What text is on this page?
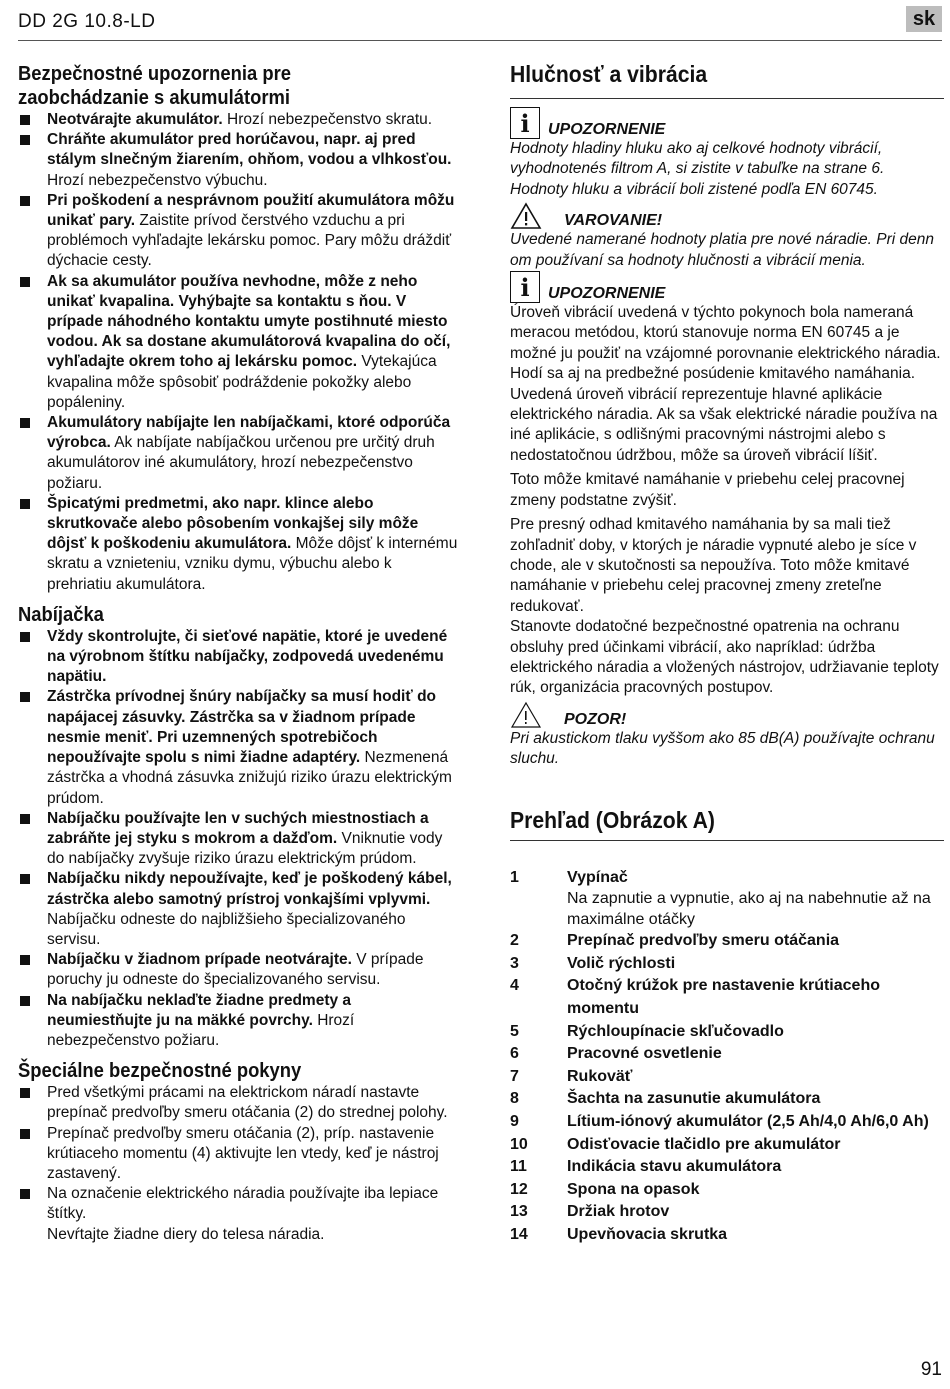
DD 2G 10.8-LD	sk
Bezpečnostné upozornenia pre zaobchádzanie s akumulátormi
Neotvárajte akumulátor. Hrozí nebezpečenstvo skratu.
Chráňte akumulátor pred horúčavou, napr. aj pred stálym slnečným žiarením, ohňom, vodou a vlhkosťou. Hrozí nebezpečenstvo výbuchu.
Pri poškodení a nesprávnom použití akumulátora môžu unikať pary. Zaistite prívod čerstvého vzduchu a pri problémoch vyhľadajte lekársku pomoc. Pary môžu dráždiť dýchacie cesty.
Ak sa akumulátor používa nevhodne, môže z neho unikať kvapalina. Vyhýbajte sa kontaktu s ňou. V prípade náhodného kontaktu umyte postihnuté miesto vodou. Ak sa dostane akumulátorová kvapalina do očí, vyhľadajte okrem toho aj lekársku pomoc. Vytekajúca kvapalina môže spôsobiť podráždenie pokožky alebo popáleniny.
Akumulátory nabíjajte len nabíjačkami, ktoré odporúča výrobca. Ak nabíjate nabíjačkou určenou pre určitý druh akumulátorov iné akumulátory, hrozí nebezpečenstvo požiaru.
Špicatými predmetmi, ako napr. klince alebo skrutkovače alebo pôsobením vonkajšej sily môže dôjsť k poškodeniu akumulátora. Môže dôjsť k internému skratu a vznieteniu, vzniku dymu, výbuchu alebo k prehriatiu akumulátora.
Nabíjačka
Vždy skontrolujte, či sieťové napätie, ktoré je uvedené na výrobnom štítku nabíjačky, zodpovedá uvedenému napätiu.
Zástrčka prívodnej šnúry nabíjačky sa musí hodiť do napájacej zásuvky. Zástrčka sa v žiadnom prípade nesmie meniť. Pri uzemnených spotrebičoch nepoužívajte spolu s nimi žiadne adaptéry. Nezmenená zástrčka a vhodná zásuvka znižujú riziko úrazu elektrickým prúdom.
Nabíjačku používajte len v suchých miestnostiach a zabráňte jej styku s mokrom a dažďom. Vniknutie vody do nabíjačky zvyšuje riziko úrazu elektrickým prúdom.
Nabíjačku nikdy nepoužívajte, keď je poškodený kábel, zástrčka alebo samotný prístroj vonkajšími vplyvmi. Nabíjačku odneste do najbližšieho špecializovaného servisu.
Nabíjačku v žiadnom prípade neotvárajte. V prípade poruchy ju odneste do špecializovaného servisu.
Na nabíjačku neklaďte žiadne predmety a neumiestňujte ju na mäkké povrchy. Hrozí nebezpečenstvo požiaru.
Špeciálne bezpečnostné pokyny
Pred všetkými prácami na elektrickom náradí nastavte prepínač predvoľby smeru otáčania (2) do strednej polohy.
Prepínač predvoľby smeru otáčania (2), príp. nastavenie krútiaceho momentu (4) aktivujte len vtedy, keď je nástroj zastavený.
Na označenie elektrického náradia používajte iba lepiace štítky.
Nevŕtajte žiadne diery do telesa náradia.
Hlučnosť a vibrácia
i	UPOZORNENIE
Hodnoty hladiny hluku ako aj celkové hodnoty vibrácií, vyhodnotenés filtrom A, si zistite v tabuľke na strane 6. Hodnoty hluku a vibrácií boli zistené podľa EN 60745.
VAROVANIE!
Uvedené namerané hodnoty platia pre nové náradie. Pri denn om používaní sa hodnoty hlučnosti a vibrácií menia.
i	UPOZORNENIE
Úroveň vibrácií uvedená v týchto pokynoch bola nameraná meracou metódou, ktorú stanovuje norma EN 60745 a je možné ju použiť na vzájomné porovnanie elektrického náradia. Hodí sa aj na predbežné posúdenie kmitavého namáhania. Uvedená úroveň vibrácií reprezentuje hlavné aplikácie elektrického náradia. Ak sa však elektrické náradie používa na iné aplikácie, s odlišnými pracovnými nástrojmi alebo s nedostatočnou údržbou, môže sa úroveň vibrácií líšiť.
Toto môže kmitavé namáhanie v priebehu celej pracovnej zmeny podstatne zvýšiť.
Pre presný odhad kmitavého namáhania by sa mali tiež zohľadniť doby, v ktorých je náradie vypnuté alebo je síce v chode, ale v skutočnosti sa nepoužíva. Toto môže kmitavé namáhanie v priebehu celej pracovnej zmeny zreteľne redukovať.
Stanovte dodatočné bezpečnostné opatrenia na ochranu obsluhy pred účinkami vibrácií, ako napríklad: údržba elektrického náradia a vložených nástrojov, udržiavanie teploty rúk, organizácia pracovných postupov.
POZOR!
Pri akustickom tlaku vyššom ako 85 dB(A) používajte ochranu sluchu.
Prehľad (Obrázok A)
1	Vypínač
Na zapnutie a vypnutie, ako aj na nabehnutie až na maximálne otáčky
2	Prepínač predvoľby smeru otáčania
3	Volič rýchlosti
4	Otočný krúžok pre nastavenie krútiaceho momentu
5	Rýchloupínacie skľučovadlo
6	Pracovné osvetlenie
7	Rukoväť
8	Šachta na zasunutie akumulátora
9	Lítium-iónový akumulátor (2,5 Ah/4,0 Ah/6,0 Ah)
10	Odisťovacie tlačidlo pre akumulátor
11	Indikácia stavu akumulátora
12	Spona na opasok
13	Držiak hrotov
14	Upevňovacia skrutka
91
